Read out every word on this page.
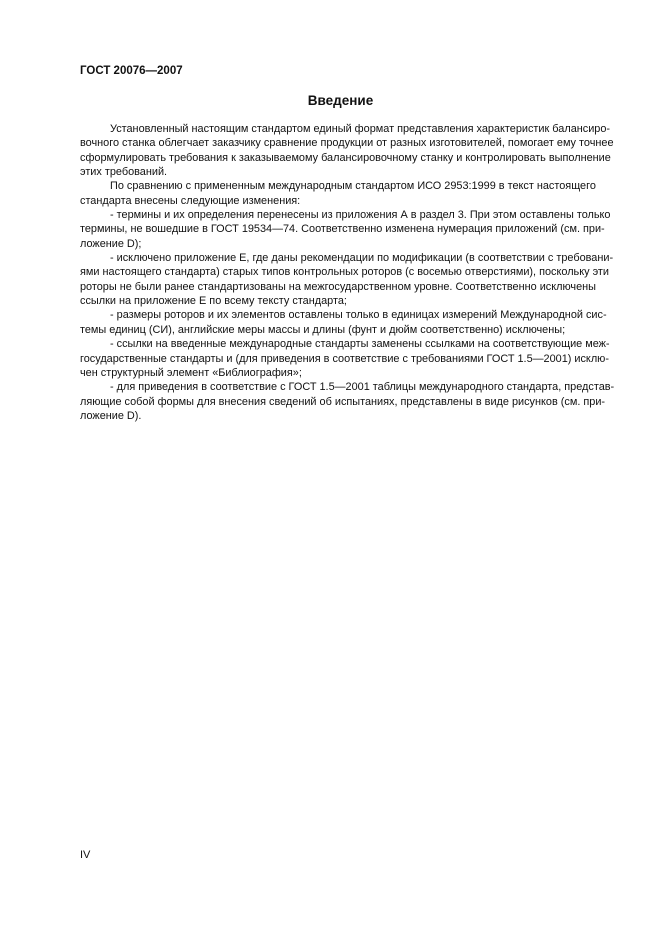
ГОСТ 20076—2007
Введение
Установленный настоящим стандартом единый формат представления характеристик балансиро-
вочного станка облегчает заказчику сравнение продукции от разных изготовителей, помогает ему точнее
сформулировать требования к заказываемому балансировочному станку и контролировать выполнение
этих требований.
По сравнению с примененным международным стандартом ИСО 2953:1999 в текст настоящего
стандарта внесены следующие изменения:
- термины и их определения перенесены из приложения А в раздел 3. При этом оставлены только
термины, не вошедшие в ГОСТ 19534—74. Соответственно изменена нумерация приложений (см. при-
ложение D);
- исключено приложение Е, где даны рекомендации по модификации (в соответствии с требовани-
ями настоящего стандарта) старых типов контрольных роторов (с восемью отверстиями), поскольку эти
роторы не были ранее стандартизованы на межгосударственном уровне. Соответственно исключены
ссылки на приложение Е по всему тексту стандарта;
- размеры роторов и их элементов оставлены только в единицах измерений Международной сис-
темы единиц (СИ), английские меры массы и длины (фунт и дюйм соответственно) исключены;
- ссылки на введенные международные стандарты заменены ссылками на соответствующие меж-
государственные стандарты и (для приведения в соответствие с требованиями ГОСТ 1.5—2001) исклю-
чен структурный элемент «Библиография»;
- для приведения в соответствие с ГОСТ 1.5—2001 таблицы международного стандарта, представ-
ляющие собой формы для внесения сведений об испытаниях, представлены в виде рисунков (см. при-
ложение D).
IV
